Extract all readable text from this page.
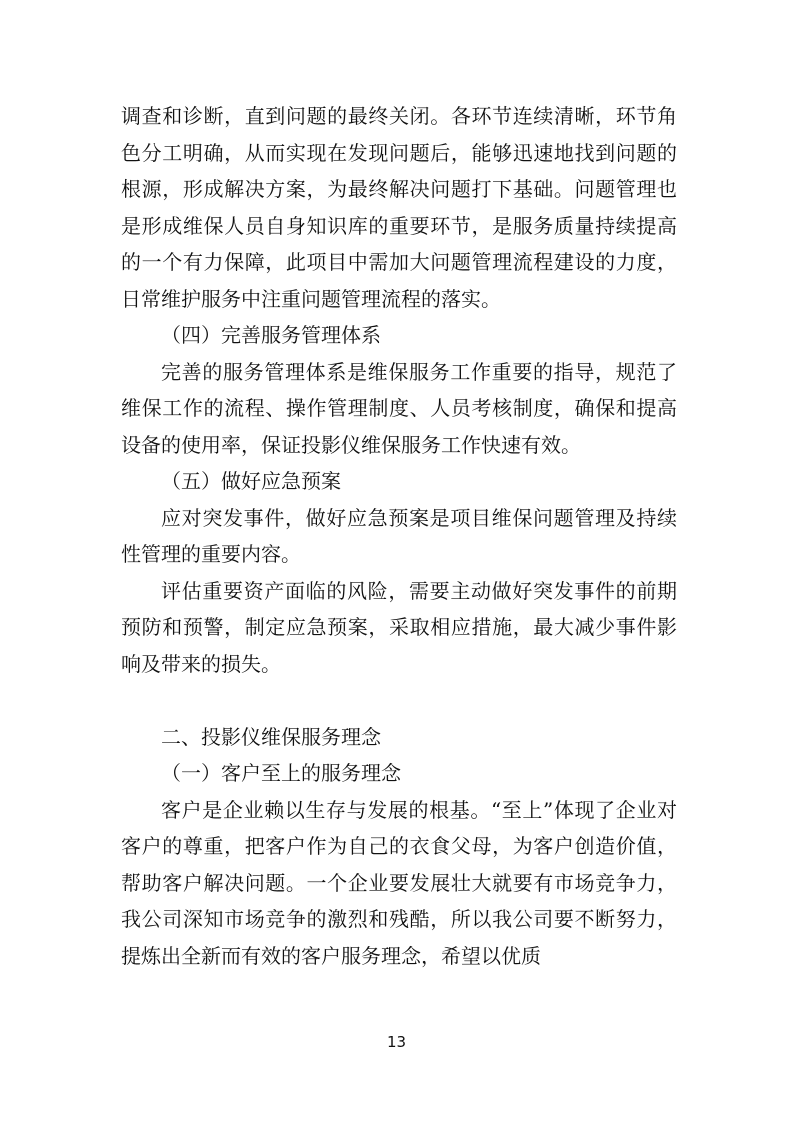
调查和诊断，直到问题的最终关闭。各环节连续清晰，环节角色分工明确，从而实现在发现问题后，能够迅速地找到问题的根源，形成解决方案，为最终解决问题打下基础。问题管理也是形成维保人员自身知识库的重要环节，是服务质量持续提高的一个有力保障，此项目中需加大问题管理流程建设的力度，日常维护服务中注重问题管理流程的落实。

（四）完善服务管理体系

完善的服务管理体系是维保服务工作重要的指导，规范了维保工作的流程、操作管理制度、人员考核制度，确保和提高设备的使用率，保证投影仪维保服务工作快速有效。

（五）做好应急预案

应对突发事件，做好应急预案是项目维保问题管理及持续性管理的重要内容。

评估重要资产面临的风险，需要主动做好突发事件的前期预防和预警，制定应急预案，采取相应措施，最大减少事件影响及带来的损失。

二、投影仪维保服务理念

（一）客户至上的服务理念

客户是企业赖以生存与发展的根基。“至上”体现了企业对客户的尊重，把客户作为自己的衣食父母，为客户创造价值，帮助客户解决问题。一个企业要发展壮大就要有市场竞争力，我公司深知市场竞争的激烈和残酷，所以我公司要不断努力，提炼出全新而有效的客户服务理念，希望以优质

13
